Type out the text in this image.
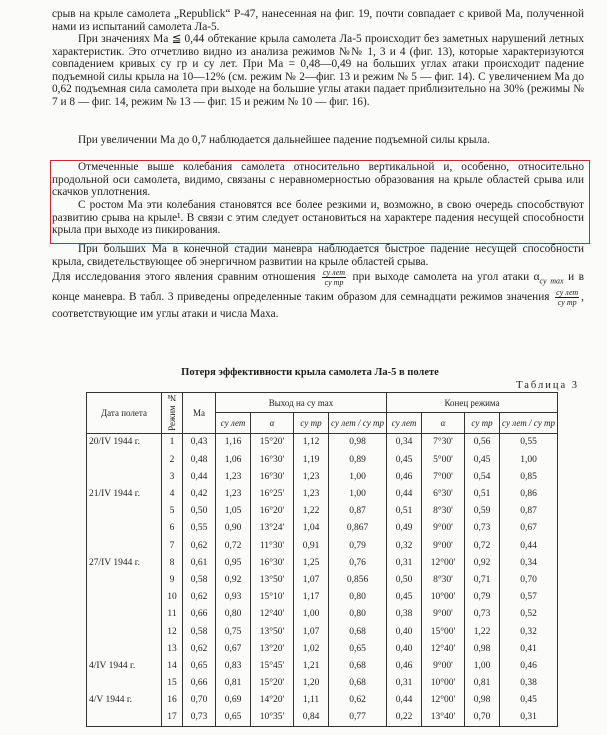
срыв на крыле самолета „Republick“ Р-47, нанесенная на фиг. 19, почти совпадает с кривой Ма, полученной нами из испытаний самолета Ла-5.

При значениях Ма ≦ 0,44 обтекание крыла самолета Ла-5 происходит без заметных нарушений летных характеристик. Это отчетливо видно из анализа режимов №№ 1, 3 и 4 (фиг. 13), которые характеризуются совпадением кривых cу гр и cу лет. При Ма = 0,48—0,49 на больших углах атаки происходит падение подъемной силы крыла на 10—12% (см. режим № 2—фиг. 13 и режим № 5 — фиг. 14). С увеличением Ма до 0,62 подъемная сила самолета при выходе на большие углы атаки падает приблизительно на 30% (режимы № 7 и 8 — фиг. 14, режим № 13 — фиг. 15 и режим № 10 — фиг. 16).

При увеличении Ма до 0,7 наблюдается дальнейшее падение подъемной силы крыла.

Отмеченные выше колебания самолета относительно вертикальной и, особенно, относительно продольной оси самолета, видимо, связаны с неравномерностью образования на крыле областей срыва или скачков уплотнения.

С ростом Ма эти колебания становятся все более резкими и, возможно, в свою очередь способствуют развитию срыва на крыле¹. В связи с этим следует остановиться на характере падения несущей способности крыла при выходе из пикирования.

При больших Ма в конечной стадии маневра наблюдается быстрое падение несущей способности крыла, свидетельствующее об энергичном развитии на крыле областей срыва.

Для исследования этого явления сравним отношения $\frac{\text{cу лет}}{\text{cу тр}}$ при выходе самолета на угол атаки $\alpha_{су max}$ и в конце маневра. В табл. 3 приведены определенные таким образом для семнадцати режимов значения $\frac{\text{cу лет}}{\text{cу тр}}$ , соответствующие им углы атаки и числа Маха.

Таблица 3
Потеря эффективности крыла самолета Ла-5 в полете
Дата полета	Режим №	Ма	Выход на cу max				Конец режима			
			cу лет	α	cу тр	cу лет / cу тр	cу лет	α	cу тр	cу лет / cу тр
20/IV 1944 г.	1	0,43	1,16	15°20'	1,12	0,98	0,34	7°30'	0,56	0,55
	2	0,48	1,06	16°30'	1,19	0,89	0,45	5°00'	0,45	1,00
	3	0,44	1,23	16°30'	1,23	1,00	0,46	7°00'	0,54	0,85
21/IV 1944 г.	4	0,42	1,23	16°25'	1,23	1,00	0,44	6°30'	0,51	0,86
	5	0,50	1,05	16°20'	1,22	0,87	0,51	8°30'	0,59	0,87
	6	0,55	0,90	13°24'	1,04	0,867	0,49	9°00'	0,73	0,67
	7	0,62	0,72	11°30'	0,91	0,79	0,32	9°00'	0,72	0,44
27/IV 1944 г.	8	0,61	0,95	16°30'	1,25	0,76	0,31	12°00'	0,92	0,34
	9	0,58	0,92	13°50'	1,07	0,856	0,50	8°30'	0,71	0,70
	10	0,62	0,93	15°10'	1,17	0,80	0,45	10°00'	0,79	0,57
	11	0,66	0,80	12°40'	1,00	0,80	0,38	9°00'	0,73	0,52
	12	0,58	0,75	13°50'	1,07	0,68	0,40	15°00'	1,22	0,32
	13	0,62	0,67	13°20'	1,02	0,65	0,40	12°40'	0,98	0,41
4/IV 1944 г.	14	0,65	0,83	15°45'	1,21	0,68	0,46	9°00'	1,00	0,46
	15	0,66	0,81	15°20'	1,20	0,68	0,31	10°00'	0,81	0,38
4/V 1944 г.	16	0,70	0,69	14°20'	1,11	0,62	0,44	12°00'	0,98	0,45
	17	0,73	0,65	10°35'	0,84	0,77	0,22	13°40'	0,70	0,31
